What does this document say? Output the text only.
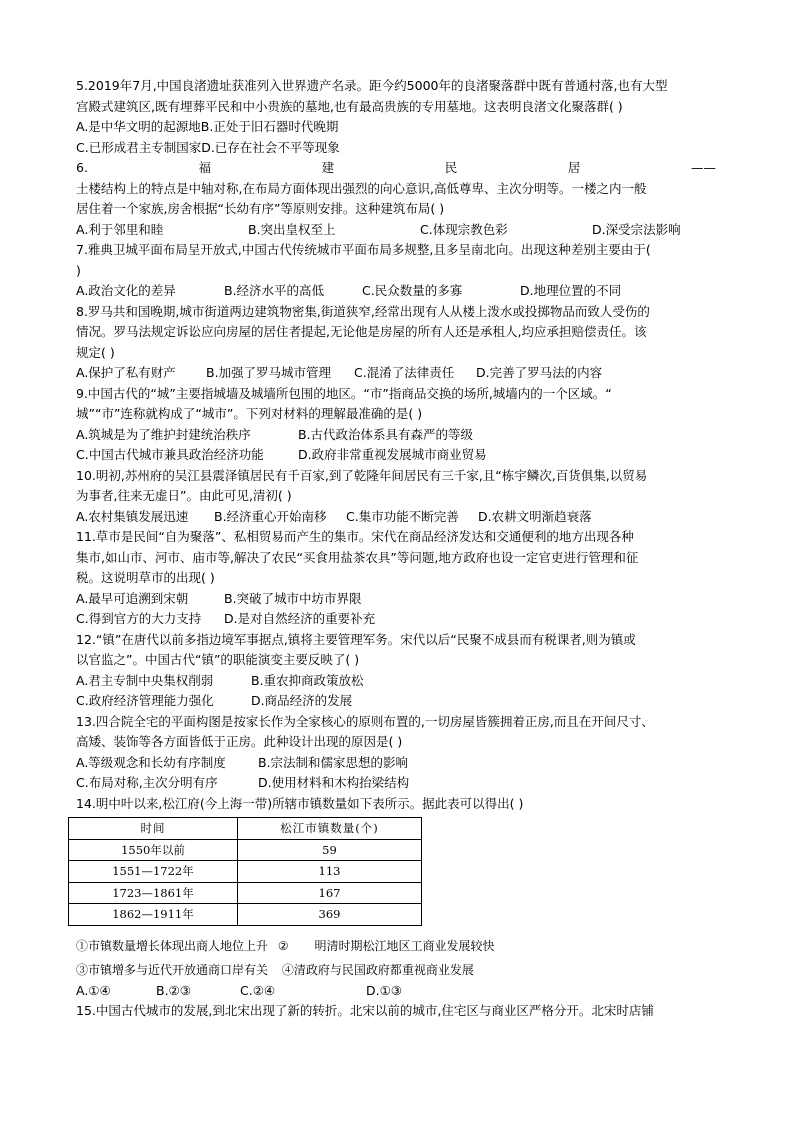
5.2019年7月,中国良渚遗址获准列入世界遗产名录。距今约5000年的良渚聚落群中既有普通村落,也有大型
宫殿式建筑区,既有埋葬平民和中小贵族的墓地,也有最高贵族的专用墓地。这表明良渚文化聚落群( )
A.是中华文明的起源地B.正处于旧石器时代晚期
C.已形成君主专制国家D.已存在社会不平等现象
6.	福	建	民	居	——
土楼结构上的特点是中轴对称,在布局方面体现出强烈的向心意识,高低尊卑、主次分明等。一楼之内一般
居住着一个家族,房舍根据“长幼有序”等原则安排。这种建筑布局( )
A.利于邻里和睦	B.突出皇权至上	C.体现宗教色彩	D.深受宗法影响
7.雅典卫城平面布局呈开放式,中国古代传统城市平面布局多规整,且多呈南北向。出现这种差别主要由于(
)
A.政治文化的差异	B.经济水平的高低	C.民众数量的多寡	D.地理位置的不同
8.罗马共和国晚期,城市街道两边建筑物密集,街道狭窄,经常出现有人从楼上泼水或投掷物品而致人受伤的
情况。罗马法规定诉讼应向房屋的居住者提起,无论他是房屋的所有人还是承租人,均应承担赔偿责任。该
规定( )
A.保护了私有财产	B.加强了罗马城市管理	C.混淆了法律责任	D.完善了罗马法的内容
9.中国古代的“城”主要指城墙及城墙所包围的地区。“市”指商品交换的场所,城墙内的一个区域。“
城”“市”连称就构成了“城市”。下列对材料的理解最准确的是( )
A.筑城是为了维护封建统治秩序	B.古代政治体系具有森严的等级
C.中国古代城市兼具政治经济功能	D.政府非常重视发展城市商业贸易
10.明初,苏州府的吴江县震泽镇居民有千百家,到了乾隆年间居民有三千家,且“栋宇鳞次,百货俱集,以贸易
为事者,往来无虚日”。由此可见,清初( )
A.农村集镇发展迅速	B.经济重心开始南移	C.集市功能不断完善	D.农耕文明渐趋衰落
11.草市是民间“自为聚落”、私相贸易而产生的集市。宋代在商品经济发达和交通便利的地方出现各种
集市,如山市、河市、庙市等,解决了农民“买食用盐茶农具”等问题,地方政府也设一定官吏进行管理和征
税。这说明草市的出现( )
A.最早可追溯到宋朝	B.突破了城市中坊市界限
C.得到官方的大力支持	D.是对自然经济的重要补充
12.“镇”在唐代以前多指边境军事据点,镇将主要管理军务。宋代以后“民聚不成县而有税课者,则为镇或
以官监之”。中国古代“镇”的职能演变主要反映了( )
A.君主专制中央集权削弱	B.重农抑商政策放松
C.政府经济管理能力强化	D.商品经济的发展
13.四合院全宅的平面构图是按家长作为全家核心的原则布置的,一切房屋皆簇拥着正房,而且在开间尺寸、
高矮、装饰等各方面皆低于正房。此种设计出现的原因是( )
A.等级观念和长幼有序制度	B.宗法制和儒家思想的影响
C.布局对称,主次分明有序	D.使用材料和木构抬梁结构
14.明中叶以来,松江府(今上海一带)所辖市镇数量如下表所示。据此表可以得出( )
时间	松江市镇数量(个)
1550年以前	59
1551—1722年	113
1723—1861年	167
1862—1911年	369
①市镇数量增长体现出商人地位上升 ② 明清时期松江地区工商业发展较快
③市镇增多与近代开放通商口岸有关 ④清政府与民国政府都重视商业发展
A.①④	B.②③	C.②④	D.①③
15.中国古代城市的发展,到北宋出现了新的转折。北宋以前的城市,住宅区与商业区严格分开。北宋时店铺
